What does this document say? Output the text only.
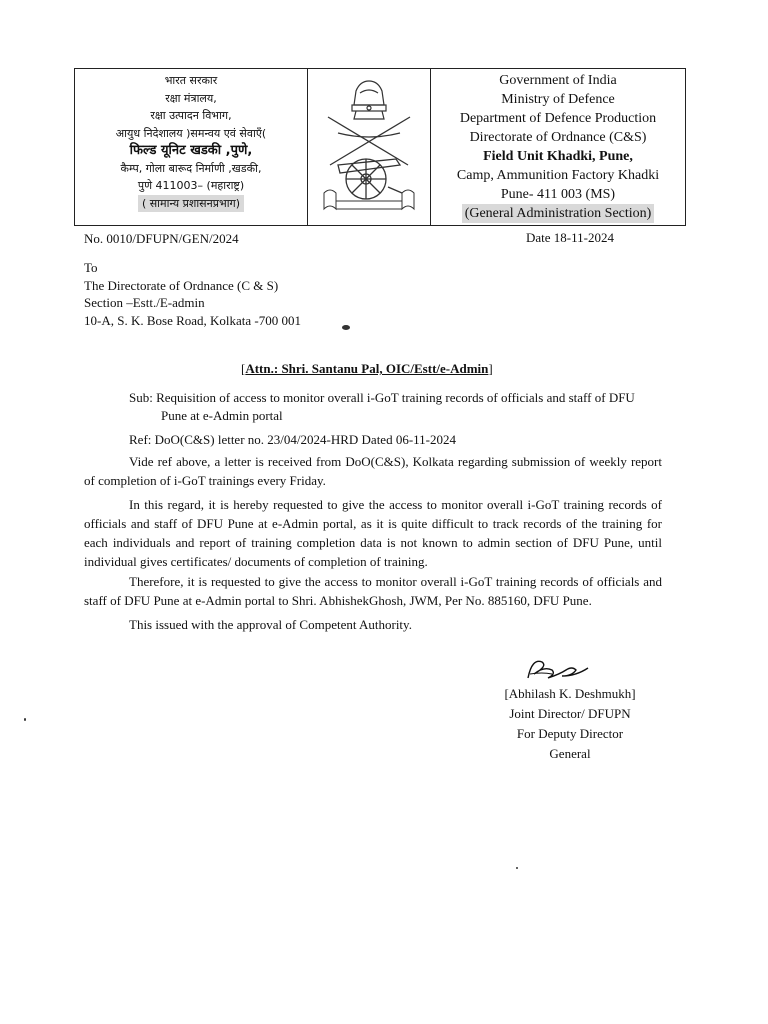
भारत सरकार
रक्षा मंत्रालय,
रक्षा उत्पादन विभाग,
आयुध निदेशालय )समन्वय एवं सेवाएँ(
फिल्ड यूनिट खडकी ,पुणे,
कैम्प, गोला बारूद निर्माणी ,खडकी,
पुणे 411003– (महाराष्ट्र)
( सामान्य प्रशासनप्रभाग)
Government of India
Ministry of Defence
Department of Defence Production
Directorate of Ordnance (C&S)
Field Unit Khadki, Pune,
Camp, Ammunition Factory Khadki
Pune- 411 003 (MS)
(General Administration Section)
No. 0010/DFUPN/GEN/2024	Date 18-11-2024
To
The Directorate of Ordnance (C & S)
Section –Estt./E-admin
10-A, S. K. Bose Road, Kolkata -700 001
[Attn.: Shri. Santanu Pal, OIC/Estt/e-Admin]
Sub: Requisition of access to monitor overall i-GoT training records of officials and staff of DFU
Pune at e-Admin portal
Ref: DoO(C&S) letter no. 23/04/2024-HRD Dated 06-11-2024
Vide ref above, a letter is received from DoO(C&S), Kolkata regarding submission of weekly report of completion of i-GoT trainings every Friday.
In this regard, it is hereby requested to give the access to monitor overall i-GoT training records of officials and staff of DFU Pune at e-Admin portal, as it is quite difficult to track records of the training for each individuals and report of training completion data is not known to admin section of DFU Pune, until individual gives certificates/ documents of completion of training.
Therefore, it is requested to give the access to monitor overall i-GoT training records of officials and staff of DFU Pune at e-Admin portal to Shri. AbhishekGhosh, JWM, Per No. 885160, DFU Pune.
This issued with the approval of Competent Authority.
[Abhilash K. Deshmukh]
Joint Director/ DFUPN
For Deputy Director General
